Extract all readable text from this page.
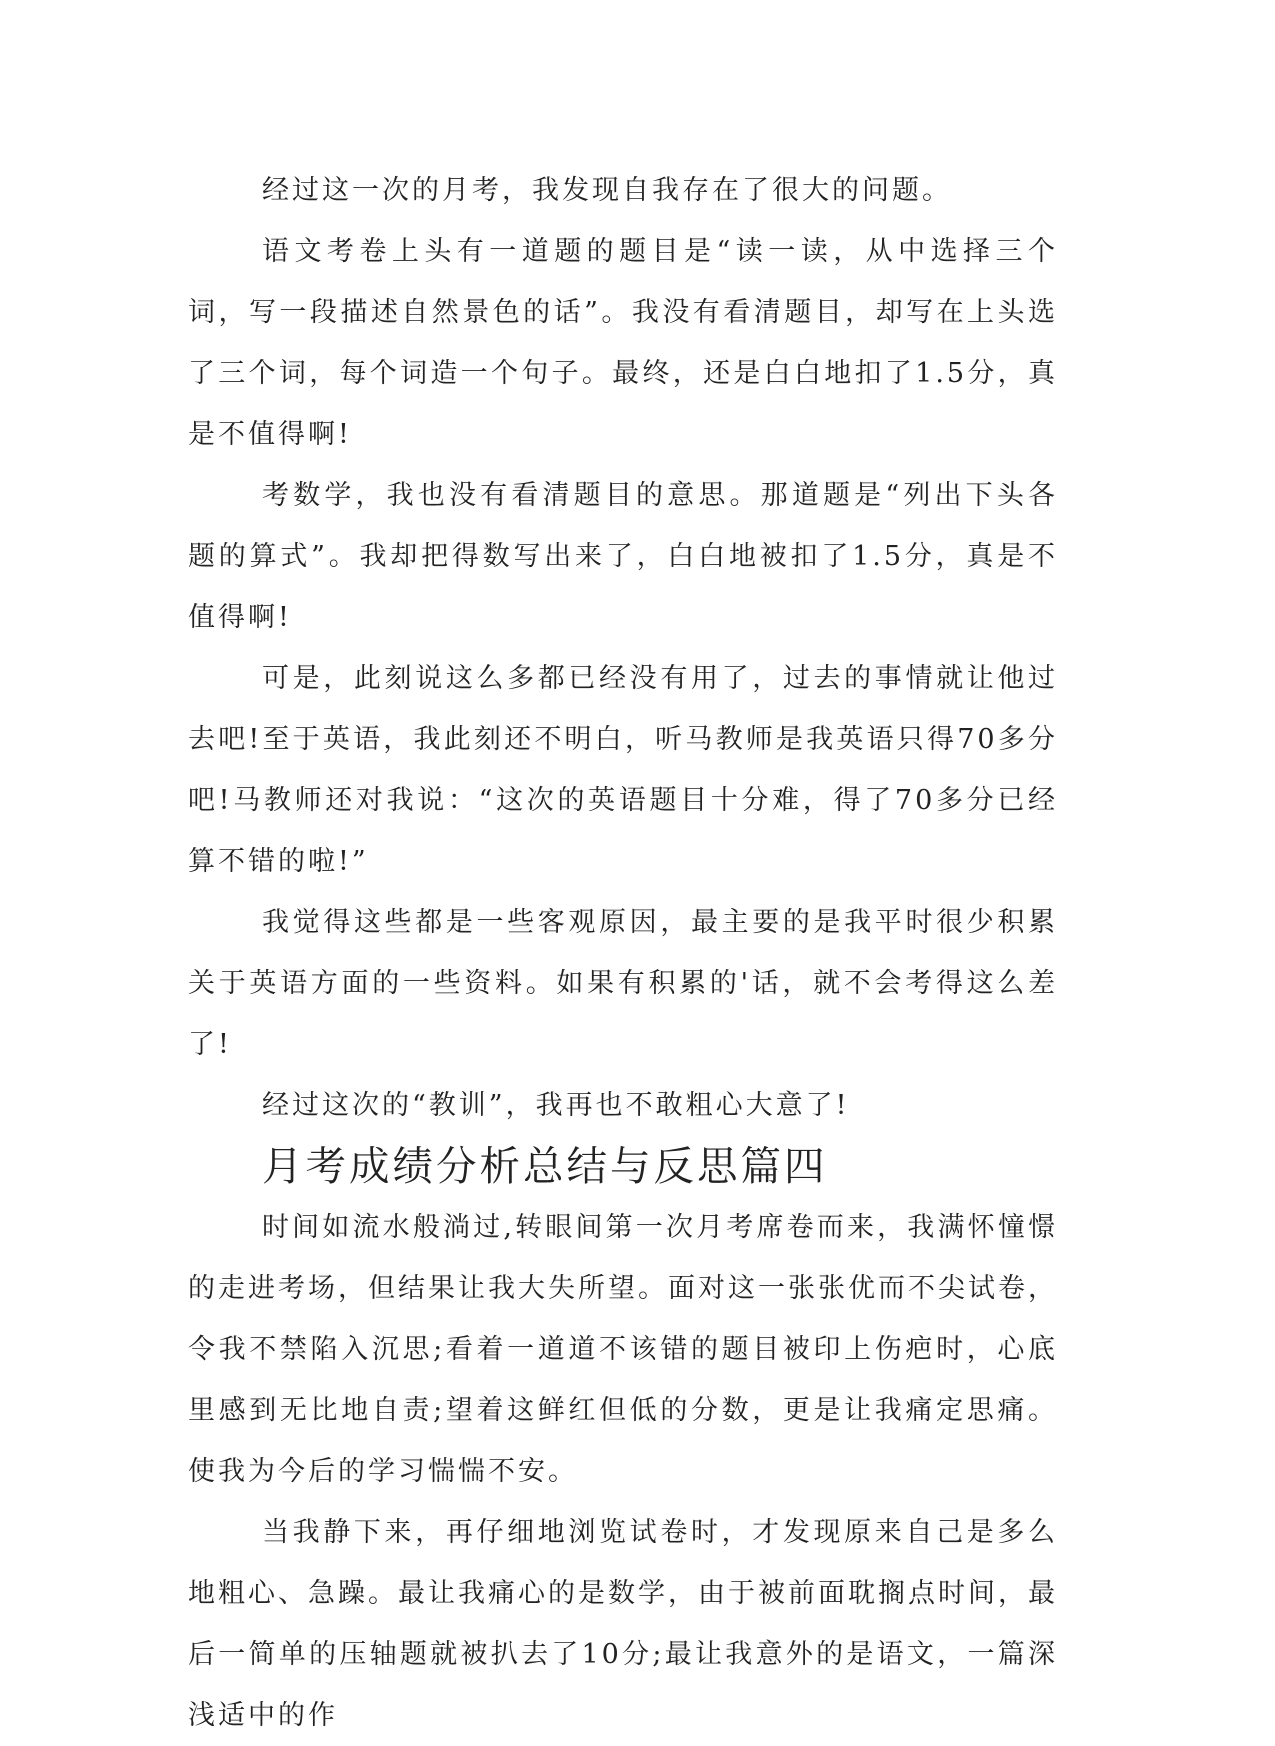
经过这一次的月考，我发现自我存在了很大的问题。

语文考卷上头有一道题的题目是“读一读，从中选择三个词，写一段描述自然景色的话”。我没有看清题目，却写在上头选了三个词，每个词造一个句子。最终，还是白白地扣了1.5分，真是不值得啊!

考数学，我也没有看清题目的意思。那道题是“列出下头各题的算式”。我却把得数写出来了，白白地被扣了1.5分，真是不值得啊!

可是，此刻说这么多都已经没有用了，过去的事情就让他过去吧!至于英语，我此刻还不明白，听马教师是我英语只得70多分吧!马教师还对我说：“这次的英语题目十分难，得了70多分已经算不错的啦!”

我觉得这些都是一些客观原因，最主要的是我平时很少积累关于英语方面的一些资料。如果有积累的'话，就不会考得这么差了!

经过这次的“教训”，我再也不敢粗心大意了!

月考成绩分析总结与反思篇四

时间如流水般淌过,转眼间第一次月考席卷而来，我满怀憧憬的走进考场，但结果让我大失所望。面对这一张张优而不尖试卷，令我不禁陷入沉思;看着一道道不该错的题目被印上伤疤时，心底里感到无比地自责;望着这鲜红但低的分数，更是让我痛定思痛。使我为今后的学习惴惴不安。

当我静下来，再仔细地浏览试卷时，才发现原来自己是多么地粗心、急躁。最让我痛心的是数学，由于被前面耽搁点时间，最后一简单的压轴题就被扒去了10分;最让我意外的是语文，一篇深浅适中的作
